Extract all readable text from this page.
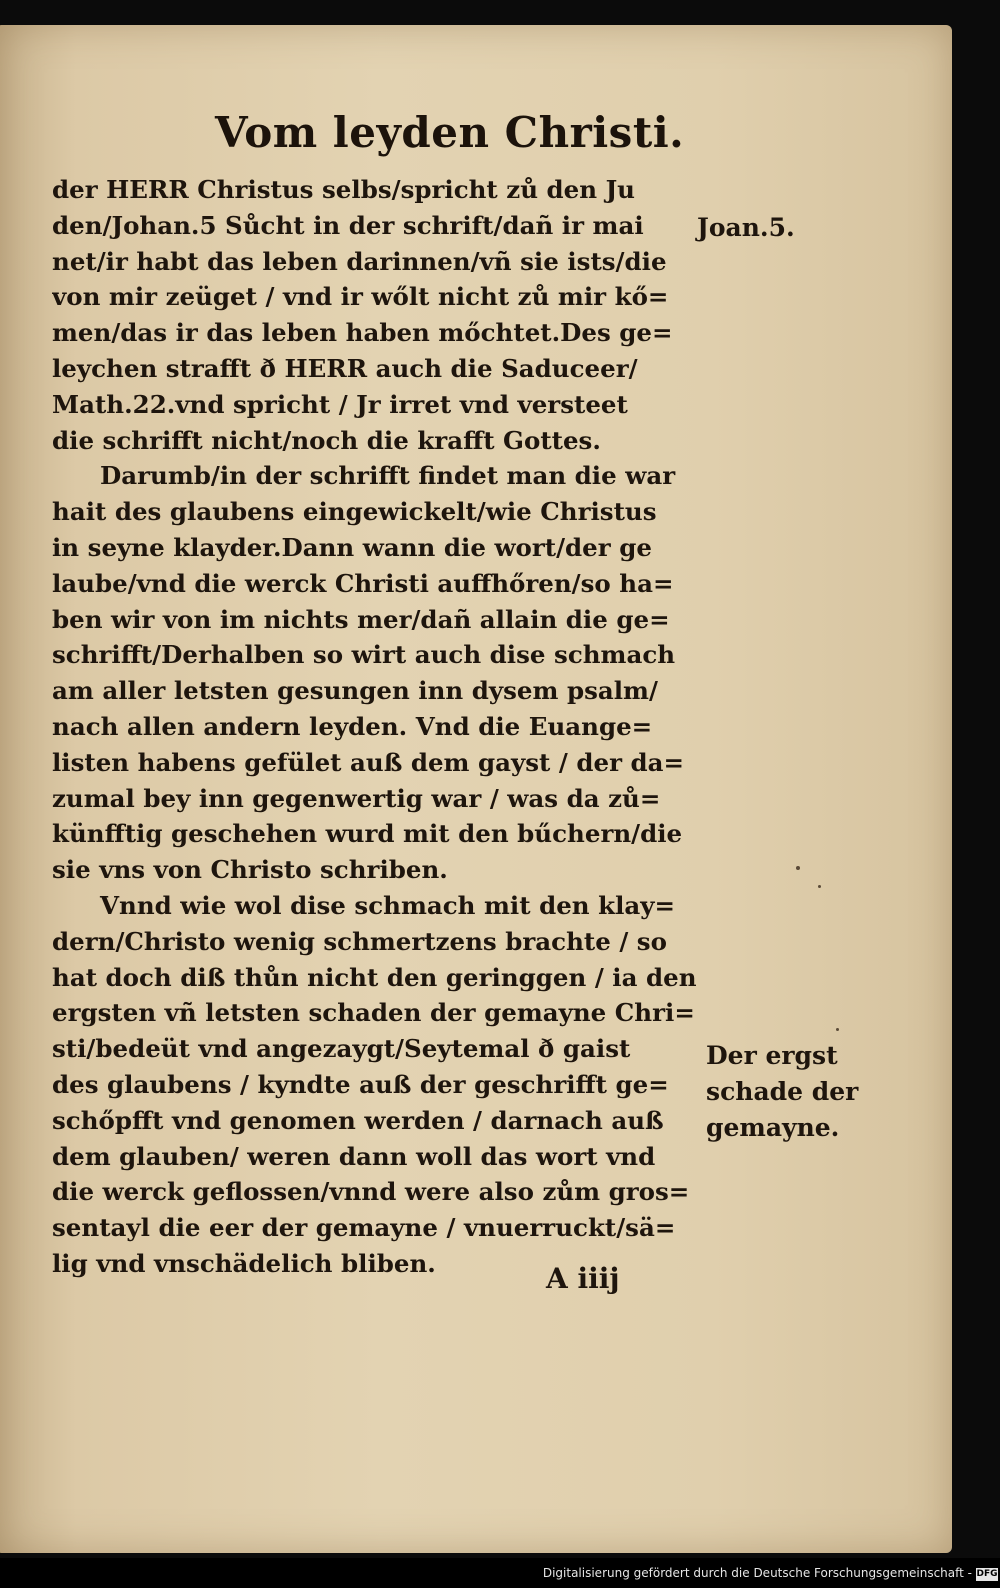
Vom leyden Christi.
der HERR Christus selbs/spricht zů den Ju
den/Johan.5 Sůcht in der schrift/dañ ir mai
net/ir habt das leben darinnen/vñ sie ists/die
von mir zeüget / vnd ir wőlt nicht zů mir kő=
men/das ir das leben haben mőchtet.Des ge=
leychen strafft ð HERR auch die Saduceer/
Math.22.vnd spricht / Jr irret vnd versteet
die schrifft nicht/noch die krafft Gottes.
Darumb/in der schrifft findet man die war
hait des glaubens eingewickelt/wie Christus
in seyne klayder.Dann wann die wort/der ge
laube/vnd die werck Christi auffhőren/so ha=
ben wir von im nichts mer/dañ allain die ge=
schrifft/Derhalben so wirt auch dise schmach
am aller letsten gesungen inn dysem psalm/
nach allen andern leyden. Vnd die Euange=
listen habens gefület auß dem gayst / der da=
zumal bey inn gegenwertig war / was da zů=
künfftig geschehen wurd mit den bűchern/die
sie vns von Christo schriben.
Vnnd wie wol dise schmach mit den klay=
dern/Christo wenig schmertzens brachte / so
hat doch diß thůn nicht den geringgen / ia den
ergsten vñ letsten schaden der gemayne Chri=
sti/bedeüt vnd angezaygt/Seytemal ð gaist
des glaubens / kyndte auß der geschrifft ge=
schőpfft vnd genomen werden / darnach auß
dem glauben/ weren dann woll das wort vnd
die werck geflossen/vnnd were also zům gros=
sentayl die eer der gemayne / vnuerruckt/sä=
lig vnd vnschädelich bliben.
Joan.5.
Der ergst
schade der
gemayne.
A iiij
Digitalisierung gefördert durch die Deutsche Forschungsgemeinschaft - DFG
